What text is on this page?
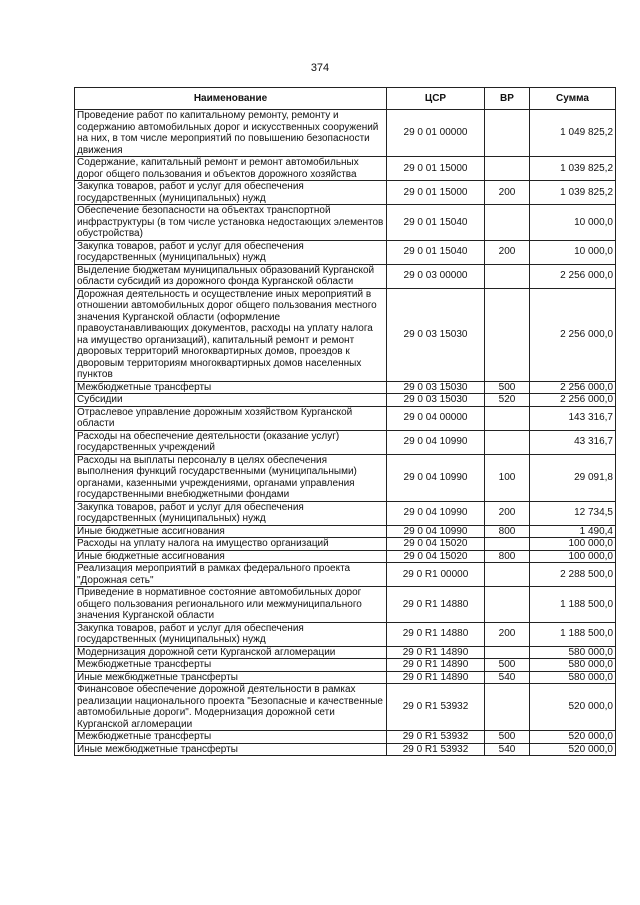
374
Наименование	ЦСР	ВР	Сумма
Проведение работ по капитальному ремонту, ремонту и содержанию автомобильных дорог и искусственных сооружений на них, в том числе мероприятий по повышению безопасности движения	29 0 01 00000		1 049 825,2
Содержание, капитальный ремонт и ремонт автомобильных дорог общего пользования и объектов дорожного хозяйства	29 0 01 15000		1 039 825,2
Закупка товаров, работ и услуг для обеспечения государственных (муниципальных) нужд	29 0 01 15000	200	1 039 825,2
Обеспечение безопасности на объектах транспортной инфраструктуры (в том числе установка недостающих элементов обустройства)	29 0 01 15040		10 000,0
Закупка товаров, работ и услуг для обеспечения государственных (муниципальных) нужд	29 0 01 15040	200	10 000,0
Выделение бюджетам муниципальных образований Курганской области субсидий из дорожного фонда Курганской области	29 0 03 00000		2 256 000,0
Дорожная деятельность и осуществление иных мероприятий в отношении автомобильных дорог общего пользования местного значения Курганской области (оформление правоустанавливающих документов, расходы на уплату налога на имущество организаций), капитальный ремонт и ремонт дворовых территорий многоквартирных домов, проездов к дворовым территориям многоквартирных домов населенных пунктов	29 0 03 15030		2 256 000,0
Межбюджетные трансферты	29 0 03 15030	500	2 256 000,0
Субсидии	29 0 03 15030	520	2 256 000,0
Отраслевое управление дорожным хозяйством Курганской области	29 0 04 00000		143 316,7
Расходы на обеспечение деятельности (оказание услуг) государственных учреждений	29 0 04 10990		43 316,7
Расходы на выплаты персоналу в целях обеспечения выполнения функций государственными (муниципальными) органами, казенными учреждениями, органами управления государственными внебюджетными фондами	29 0 04 10990	100	29 091,8
Закупка товаров, работ и услуг для обеспечения государственных (муниципальных) нужд	29 0 04 10990	200	12 734,5
Иные бюджетные ассигнования	29 0 04 10990	800	1 490,4
Расходы на уплату налога на имущество организаций	29 0 04 15020		100 000,0
Иные бюджетные ассигнования	29 0 04 15020	800	100 000,0
Реализация мероприятий в рамках федерального проекта "Дорожная сеть"	29 0 R1 00000		2 288 500,0
Приведение в нормативное состояние автомобильных дорог общего пользования регионального или межмуниципального значения Курганской области	29 0 R1 14880		1 188 500,0
Закупка товаров, работ и услуг для обеспечения государственных (муниципальных) нужд	29 0 R1 14880	200	1 188 500,0
Модернизация дорожной сети Курганской агломерации	29 0 R1 14890		580 000,0
Межбюджетные трансферты	29 0 R1 14890	500	580 000,0
Иные межбюджетные трансферты	29 0 R1 14890	540	580 000,0
Финансовое обеспечение дорожной деятельности в рамках реализации национального проекта "Безопасные и качественные автомобильные дороги". Модернизация дорожной сети Курганской агломерации	29 0 R1 53932		520 000,0
Межбюджетные трансферты	29 0 R1 53932	500	520 000,0
Иные межбюджетные трансферты	29 0 R1 53932	540	520 000,0
